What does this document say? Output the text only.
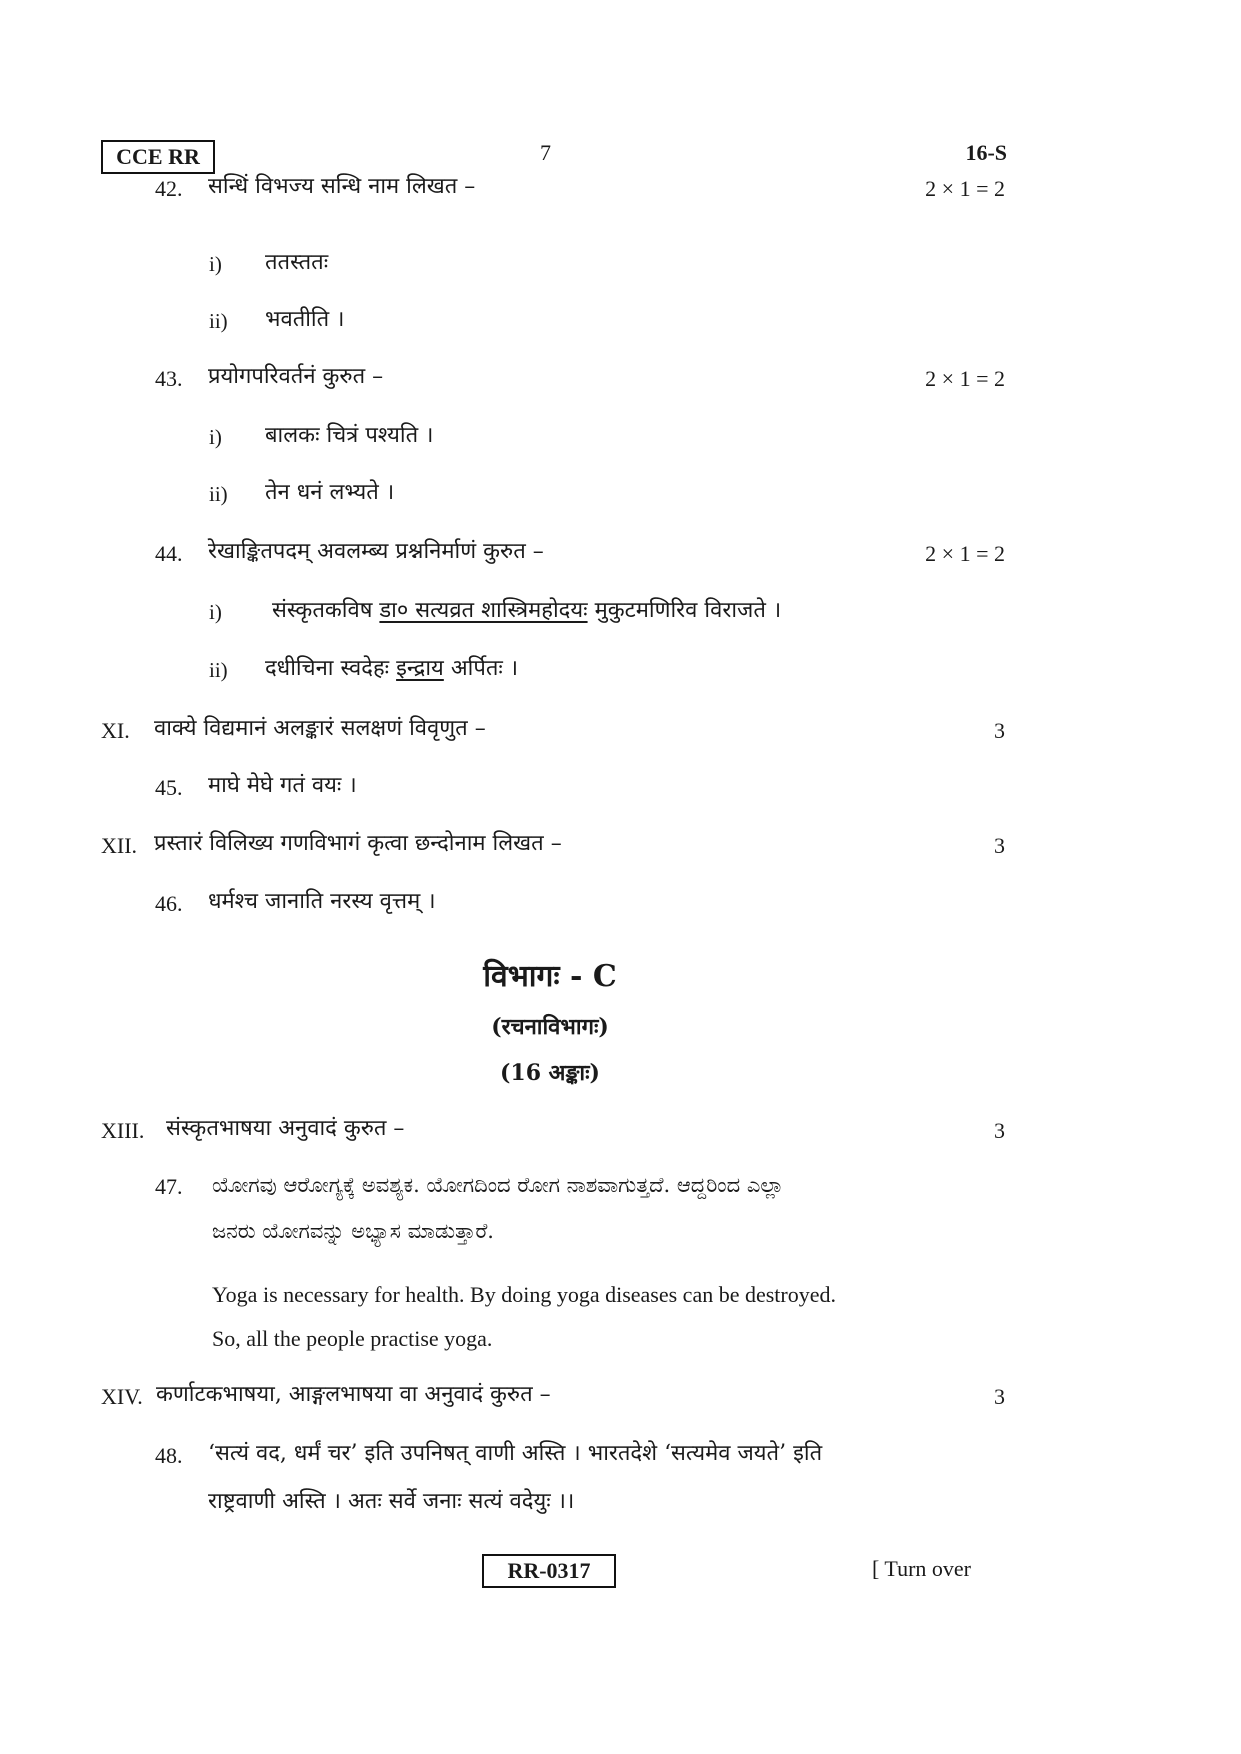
CCE RR	7	16-S
42. सन्धिं विभज्य सन्धि नाम लिखत –	2 × 1 = 2
i) ततस्ततः
ii) भवतीति ।
43. प्रयोगपरिवर्तनं कुरुत –	2 × 1 = 2
i) बालकः चित्रं पश्यति ।
ii) तेन धनं लभ्यते ।
44. रेखाङ्कितपदम् अवलम्ब्य प्रश्ननिर्माणं कुरुत –	2 × 1 = 2
i) संस्कृतकविष डा० सत्यव्रत शास्त्रिमहोदयः मुकुटमणिरिव विराजते ।
ii) दधीचिना स्वदेहः इन्द्राय अर्पितः ।
XI. वाक्ये विद्यमानं अलङ्कारं सलक्षणं विवृणुत –	3
45. माघे मेघे गतं वयः ।
XII. प्रस्तारं विलिख्य गणविभागं कृत्वा छन्दोनाम लिखत –	3
46. धर्मश्च जानाति नरस्य वृत्तम् ।
विभागः - C
(रचनाविभागः)
(16 अङ्काः)
XIII. संस्कृतभाषया अनुवादं कुरुत –	3
47. ಯೋಗವು ಆರೋಗ್ಯಕ್ಕೆ ಅವಶ್ಯಕ. ಯೋಗದಿಂದ ರೋಗ ನಾಶವಾಗುತ್ತದೆ. ಆದ್ದರಿಂದ ಎಲ್ಲಾ
ಜನರು ಯೋಗವನ್ನು ಅಭ್ಯಾಸ ಮಾಡುತ್ತಾರೆ.
Yoga is necessary for health. By doing yoga diseases can be destroyed.
So, all the people practise yoga.
XIV. कर्णाटकभाषया, आङ्गलभाषया वा अनुवादं कुरुत –	3
48. ‘सत्यं वद, धर्मं चर’ इति उपनिषत् वाणी अस्ति । भारतदेशे ‘सत्यमेव जयते’ इति
राष्ट्रवाणी अस्ति । अतः सर्वे जनाः सत्यं वदेयुः ।।
RR-0317	[ Turn over
